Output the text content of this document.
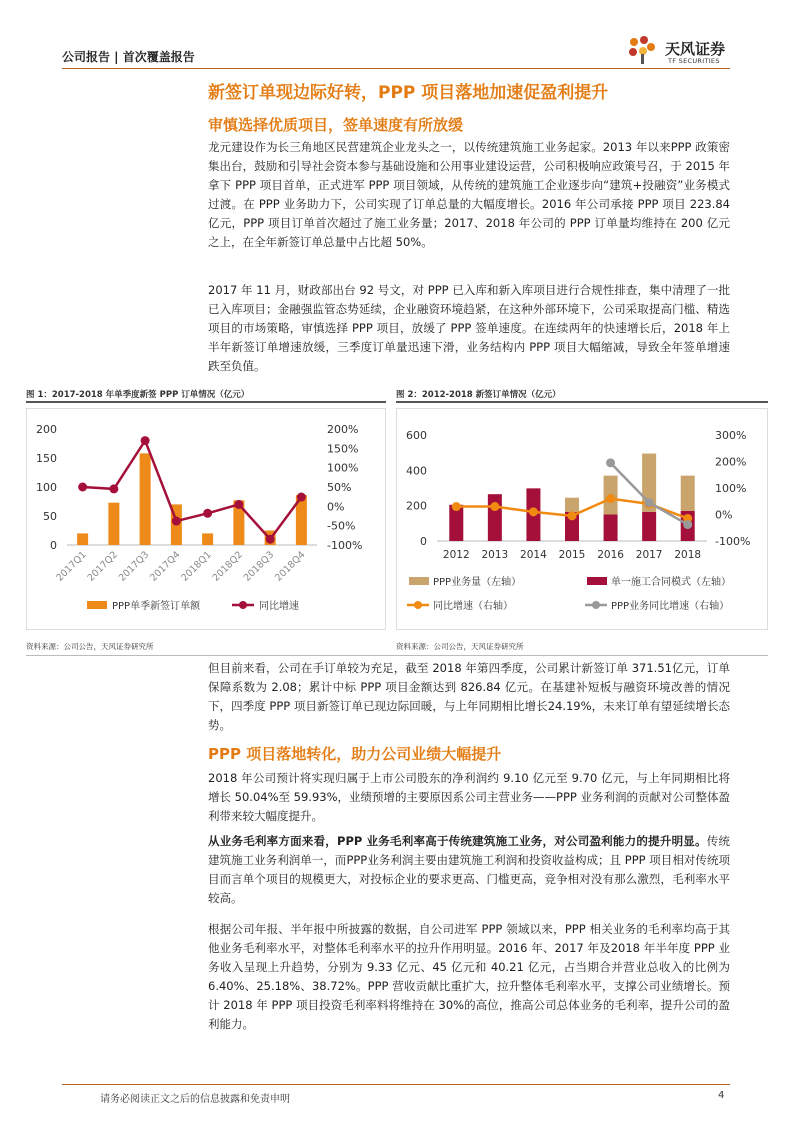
公司报告 | 首次覆盖报告	天风证券
TF SECURITIES
新签订单现边际好转，PPP 项目落地加速促盈利提升
审慎选择优质项目，签单速度有所放缓
龙元建设作为长三角地区民营建筑企业龙头之一，以传统建筑施工业务起家。2013 年以来PPP 政策密集出台，鼓励和引导社会资本参与基础设施和公用事业建设运营，公司积极响应政策号召，于 2015 年拿下 PPP 项目首单，正式进军 PPP 项目领域，从传统的建筑施工企业逐步向“建筑+投融资”业务模式过渡。在 PPP 业务助力下，公司实现了订单总量的大幅度增长。2016 年公司承接 PPP 项目 223.84 亿元，PPP 项目订单首次超过了施工业务量；2017、2018 年公司的 PPP 订单量均维持在 200 亿元之上，在全年新签订单总量中占比超 50%。
2017 年 11 月，财政部出台 92 号文，对 PPP 已入库和新入库项目进行合规性排查，集中清理了一批已入库项目；金融强监管态势延续，企业融资环境趋紧，在这种外部环境下，公司采取提高门槛、精选项目的市场策略，审慎选择 PPP 项目，放缓了 PPP 签单速度。在连续两年的快速增长后，2018 年上半年新签订单增速放缓，三季度订单量迅速下滑，业务结构内 PPP 项目大幅缩减，导致全年签单增速跌至负值。
图 1：2017-2018 年单季度新签 PPP 订单情况（亿元）	图 2：2012-2018 新签订单情况（亿元）
0
50
100
150
200
-100%
-50%
0%
50%
100%
150%
200%
2017Q1
2017Q2
2017Q3
2017Q4
2018Q1
2018Q2
2018Q3
2018Q4
PPP单季新签订单额	同比增速
0
200
400
600
-100%
0%
100%
200%
300%
2012 2013 2014 2015 2016 2017 2018
PPP业务量（左轴）	单一施工合同模式（左轴）
同比增速（右轴）	PPP业务同比增速（右轴）
资料来源：公司公告，天风证券研究所	资料来源：公司公告，天风证券研究所
但目前来看，公司在手订单较为充足，截至 2018 年第四季度，公司累计新签订单 371.51亿元，订单保障系数为 2.08；累计中标 PPP 项目金额达到 826.84 亿元。在基建补短板与融资环境改善的情况下，四季度 PPP 项目新签订单已现边际回暖，与上年同期相比增长24.19%，未来订单有望延续增长态势。
PPP 项目落地转化，助力公司业绩大幅提升
2018 年公司预计将实现归属于上市公司股东的净利润约 9.10 亿元至 9.70 亿元，与上年同期相比将增长 50.04%至 59.93%，业绩预增的主要原因系公司主营业务——PPP 业务利润的贡献对公司整体盈利带来较大幅度提升。
从业务毛利率方面来看，PPP 业务毛利率高于传统建筑施工业务，对公司盈利能力的提升明显。传统建筑施工业务利润单一，而PPP业务利润主要由建筑施工利润和投资收益构成；且 PPP 项目相对传统项目而言单个项目的规模更大，对投标企业的要求更高、门槛更高，竞争相对没有那么激烈，毛利率水平较高。
根据公司年报、半年报中所披露的数据，自公司进军 PPP 领域以来，PPP 相关业务的毛利率均高于其他业务毛利率水平，对整体毛利率水平的拉升作用明显。2016 年、2017 年及2018 年半年度 PPP 业务收入呈现上升趋势，分别为 9.33 亿元、45 亿元和 40.21 亿元，占当期合并营业总收入的比例为 6.40%、25.18%、38.72%。PPP 营收贡献比重扩大，拉升整体毛利率水平，支撑公司业绩增长。预计 2018 年 PPP 项目投资毛利率料将维持在 30%的高位，推高公司总体业务的毛利率，提升公司的盈利能力。
请务必阅读正文之后的信息披露和免责申明	4
